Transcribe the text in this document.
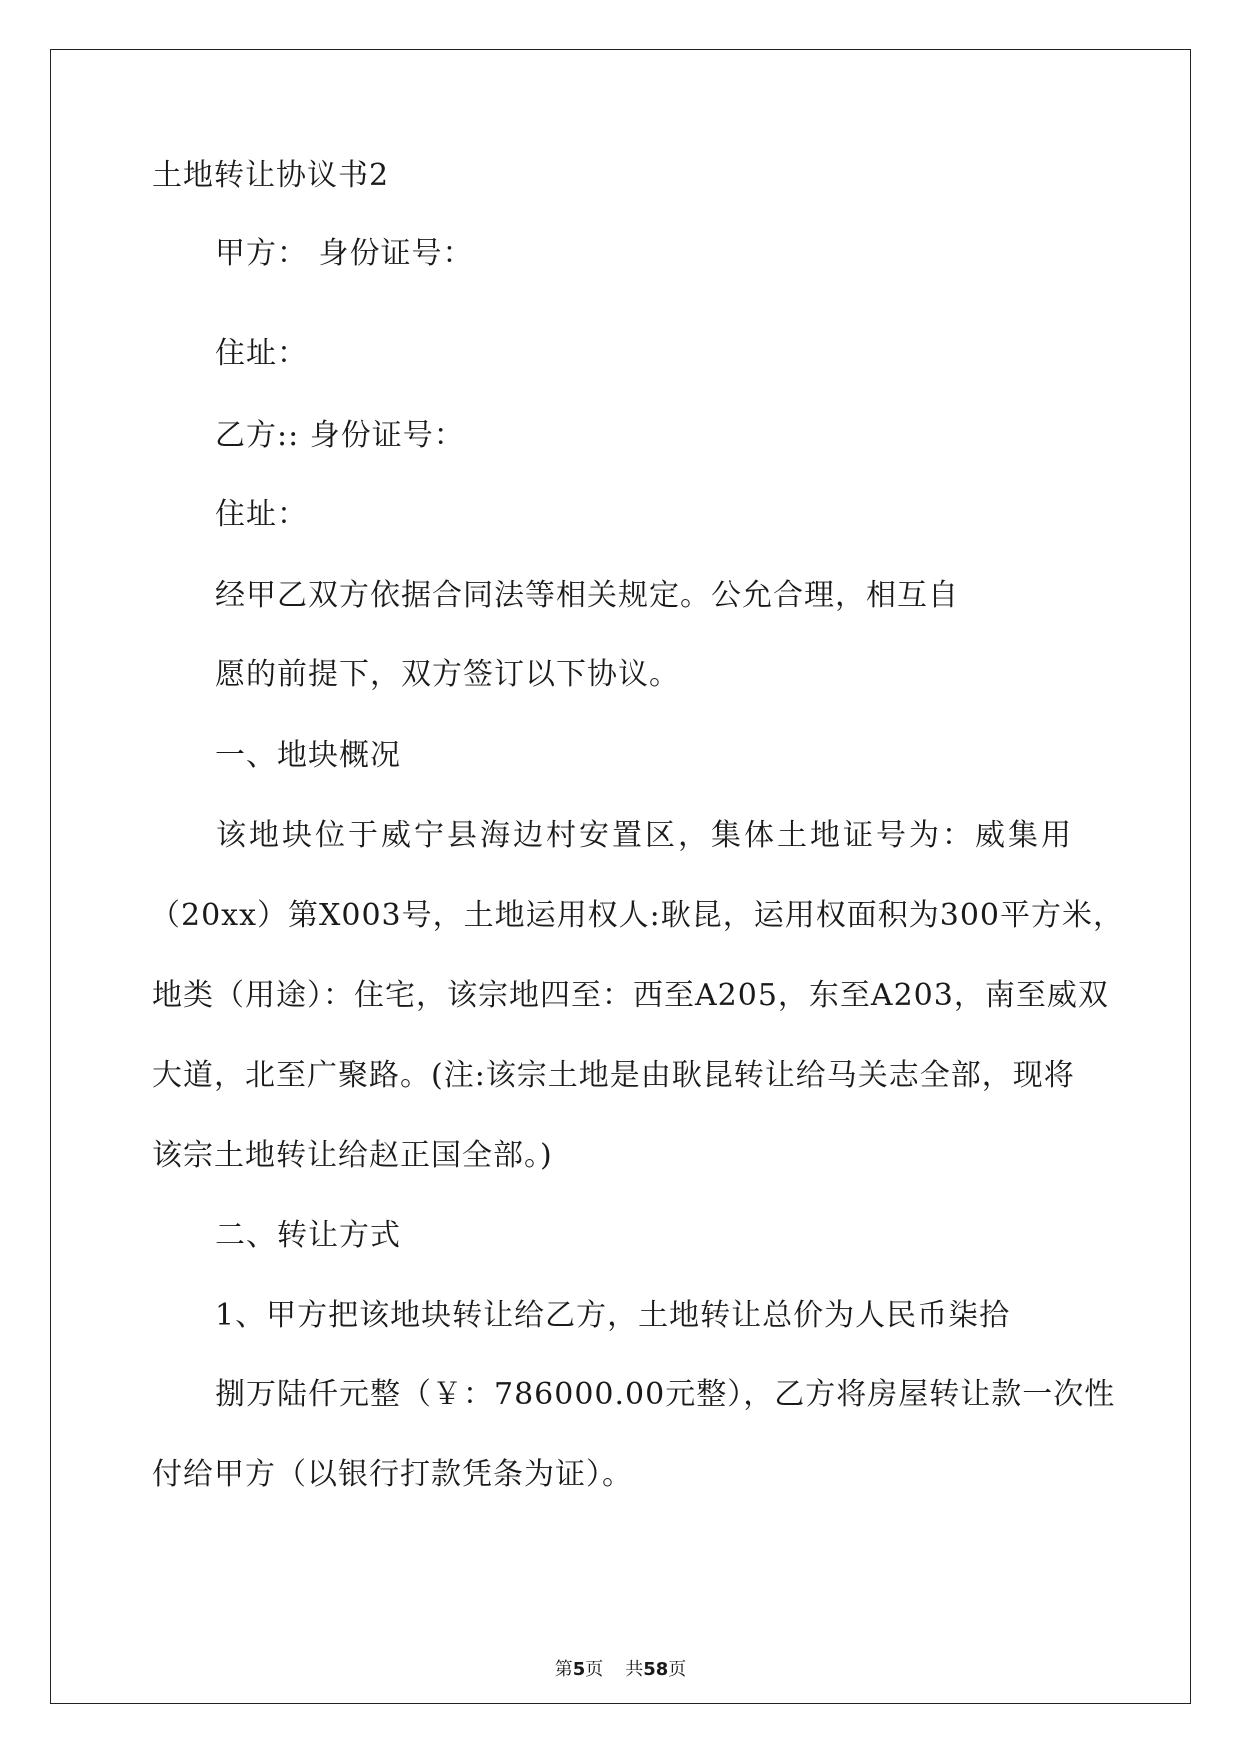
土地转让协议书2
甲方： 身份证号：
住址：
乙方:: 身份证号：
住址：
经甲乙双方依据合同法等相关规定。公允合理，相互自
愿的前提下，双方签订以下协议。
一、地块概况
该地块位于威宁县海边村安置区，集体土地证号为：威集用
（20xx）第X003号，土地运用权人:耿昆，运用权面积为300平方米，
地类（用途）：住宅，该宗地四至：西至A205，东至A203，南至威双
大道，北至广聚路。(注:该宗土地是由耿昆转让给马关志全部，现将
该宗土地转让给赵正国全部。)
二、转让方式
1、甲方把该地块转让给乙方，土地转让总价为人民币柒拾
捌万陆仟元整（￥：786000.00元整），乙方将房屋转让款一次性
付给甲方（以银行打款凭条为证）。
第5页 共58页
